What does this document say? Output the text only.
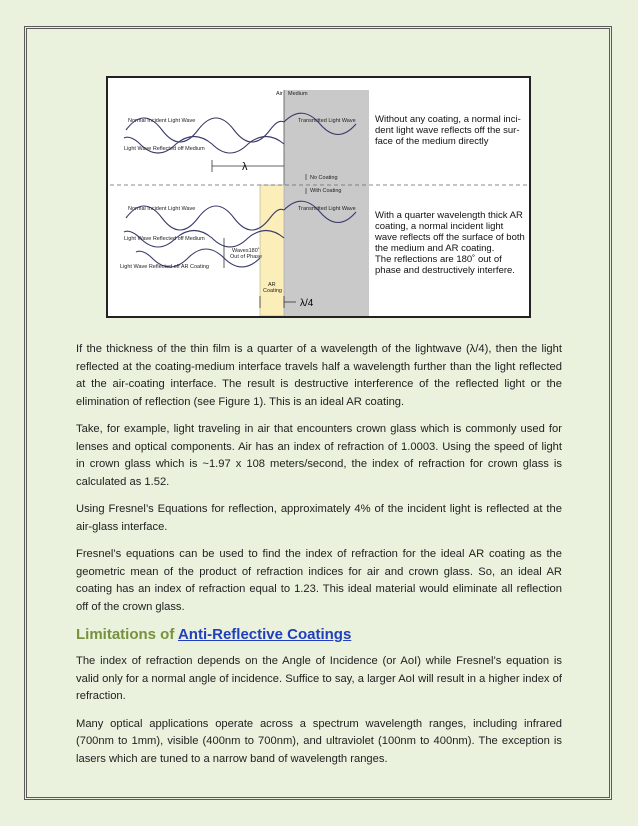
Air Medium
Normal Incident Light Wave	Transmitted Light Wave
Light Wave Reflected off Medium
λ
No Coating
With Coating
Normal Incident Light Wave	Transmitted Light Wave
Light Wave Reflected off Medium
Waves180˚
Out of Phase
Light Wave Reflected off AR Coating
AR
Coating
λ/4
Without any coating, a normal inci-dent light wave reflects off the sur-face of the medium directly
With a quarter wavelength thick AR coating, a normal incident light wave reflects off the surface of both the medium and AR coating.
The reflections are 180˚ out of phase and destructively interfere.

If the thickness of the thin film is a quarter of a wavelength of the lightwave (λ/4), then the light reflected at the coating-medium interface travels half a wavelength further than the light reflected at the air-coating interface. The result is destructive interference of the reflected light or the elimination of reflection (see Figure 1). This is an ideal AR coating.

Take, for example, light traveling in air that encounters crown glass which is commonly used for lenses and optical components. Air has an index of refraction of 1.0003. Using the speed of light in crown glass which is ~1.97 x 108 meters/second, the index of refraction for crown glass is calculated as 1.52.

Using Fresnel’s Equations for reflection, approximately 4% of the incident light is reflected at the air-glass interface.

Fresnel’s equations can be used to find the index of refraction for the ideal AR coating as the geometric mean of the product of refraction indices for air and crown glass. So, an ideal AR coating has an index of refraction equal to 1.23. This ideal material would eliminate all reflection off of the crown glass.

Limitations of Anti-Reflective Coatings

The index of refraction depends on the Angle of Incidence (or AoI) while Fresnel’s equation is valid only for a normal angle of incidence. Suffice to say, a larger AoI will result in a higher index of refraction.

Many optical applications operate across a spectrum wavelength ranges, including infrared (700nm to 1mm), visible (400nm to 700nm), and ultraviolet (100nm to 400nm). The exception is lasers which are tuned to a narrow band of wavelength ranges.
